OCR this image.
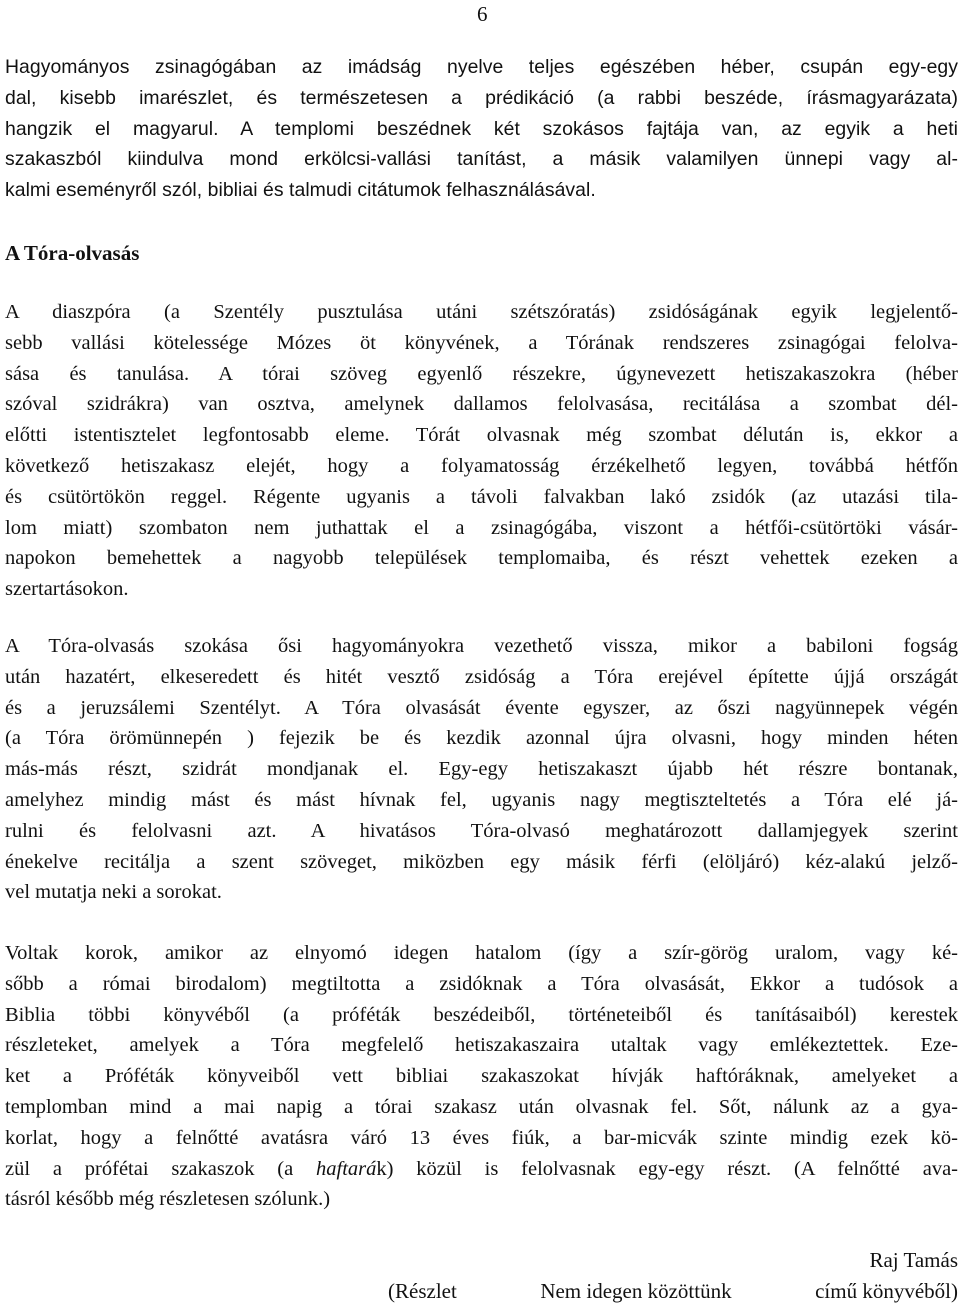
6

Hagyományos zsinagógában az imádság nyelve teljes egészében héber, csupán egy-egy
dal, kisebb imarészlet, és természetesen a prédikáció (a rabbi beszéde, írásmagyarázata)
hangzik el magyarul. A templomi beszédnek két szokásos fajtája van, az egyik a heti
szakaszból kiindulva mond erkölcsi-vallási tanítást, a másik valamilyen ünnepi vagy al-
kalmi eseményről szól, bibliai és talmudi citátumok felhasználásával.

A Tóra-olvasás

A diaszpóra (a Szentély pusztulása utáni szétszóratás) zsidóságának egyik legjelentő-
sebb vallási kötelessége Mózes öt könyvének, a Tórának rendszeres zsinagógai felolva-
sása és tanulása. A tórai szöveg egyenlő részekre, úgynevezett hetiszakaszokra (héber
szóval szidrákra) van osztva, amelynek dallamos felolvasása, recitálása a szombat dél-
előtti istentisztelet legfontosabb eleme. Tórát olvasnak még szombat délután is, ekkor a
következő hetiszakasz elejét, hogy a folyamatosság érzékelhető legyen, továbbá hétfőn
és csütörtökön reggel. Régente ugyanis a távoli falvakban lakó zsidók (az utazási tila-
lom miatt) szombaton nem juthattak el a zsinagógába, viszont a hétfői-csütörtöki vásár-
napokon bemehettek a nagyobb települések templomaiba, és részt vehettek ezeken a
szertartásokon.

A Tóra-olvasás szokása ősi hagyományokra vezethető vissza, mikor a babiloni fogság
után hazatért, elkeseredett és hitét vesztő zsidóság a Tóra erejével építette újjá országát
és a jeruzsálemi Szentélyt. A Tóra olvasását évente egyszer, az őszi nagyünnepek végén
(a Tóra örömünnepén ) fejezik be és kezdik azonnal újra olvasni, hogy minden héten
más-más részt, szidrát mondjanak el. Egy-egy hetiszakaszt újabb hét részre bontanak,
amelyhez mindig mást és mást hívnak fel, ugyanis nagy megtiszteltetés a Tóra elé já-
rulni és felolvasni azt. A hivatásos Tóra-olvasó meghatározott dallamjegyek szerint
énekelve recitálja a szent szöveget, miközben egy másik férfi (elöljáró) kéz-alakú jelző-
vel mutatja neki a sorokat.

Voltak korok, amikor az elnyomó idegen hatalom (így a szír-görög uralom, vagy ké-
sőbb a római birodalom) megtiltotta a zsidóknak a Tóra olvasását, Ekkor a tudósok a
Biblia többi könyvéből (a próféták beszédeiből, történeteiből és tanításaiból) kerestek
részleteket, amelyek a Tóra megfelelő hetiszakaszaira utaltak vagy emlékeztettek. Eze-
ket a Próféták könyveiből vett bibliai szakaszokat hívják haftóráknak, amelyeket a
templomban mind a mai napig a tórai szakasz után olvasnak fel. Sőt, nálunk az a gya-
korlat, hogy a felnőtté avatásra váró 13 éves fiúk, a bar-micvák szinte mindig ezek kö-
zül a prófétai szakaszok (a haftarák) közül is felolvasnak egy-egy részt. (A felnőtté ava-
tásról később még részletesen szólunk.)

Raj Tamás
(Részlet	Nem idegen közöttünk	című könyvéből)
